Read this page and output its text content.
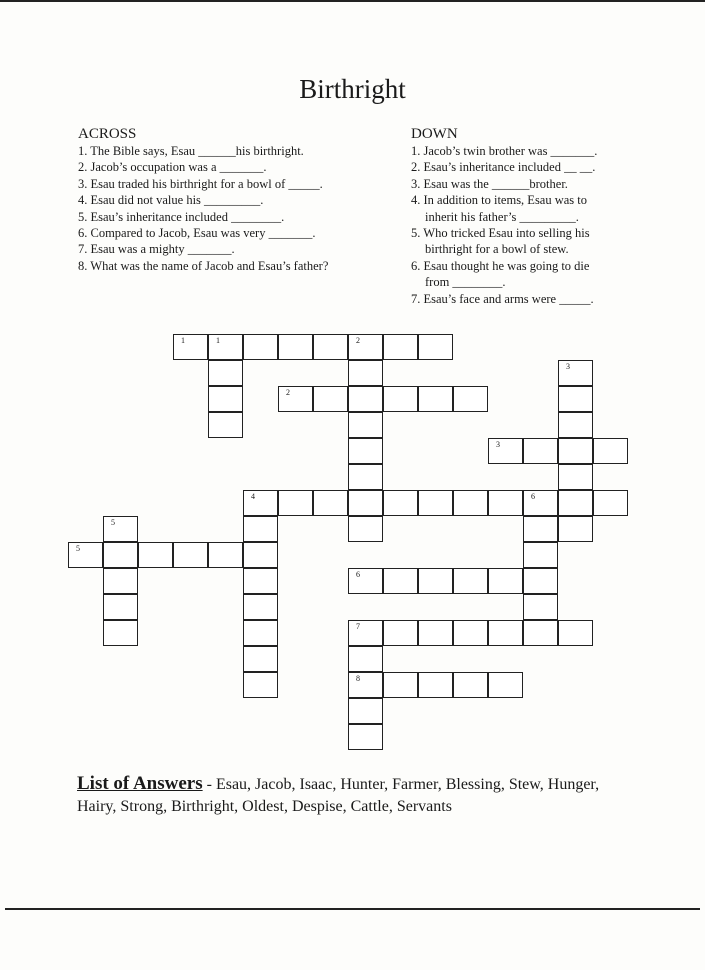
Birthright
ACROSS
1. The Bible says, Esau ______his birthright.
2. Jacob’s occupation was a _______.
3. Esau traded his birthright for a bowl of _____.
4. Esau did not value his _________.
5. Esau’s inheritance included ________.
6. Compared to Jacob, Esau was very _______.
7. Esau was a mighty _______.
8. What was the name of Jacob and Esau’s father?
DOWN
1. Jacob’s twin brother was _______.
2. Esau’s inheritance included __ __.
3. Esau was the ______brother.
4. In addition to items, Esau was to
inherit his father’s _________.
5. Who tricked Esau into selling his
birthright for a bowl of stew.
6. Esau thought he was going to die
from ________.
7. Esau’s face and arms were _____.
1	1	2
2
3
4	6
5
6
7
8
3
5
List of Answers - Esau, Jacob, Isaac, Hunter, Farmer, Blessing, Stew, Hunger, Hairy, Strong, Birthright, Oldest, Despise, Cattle, Servants
